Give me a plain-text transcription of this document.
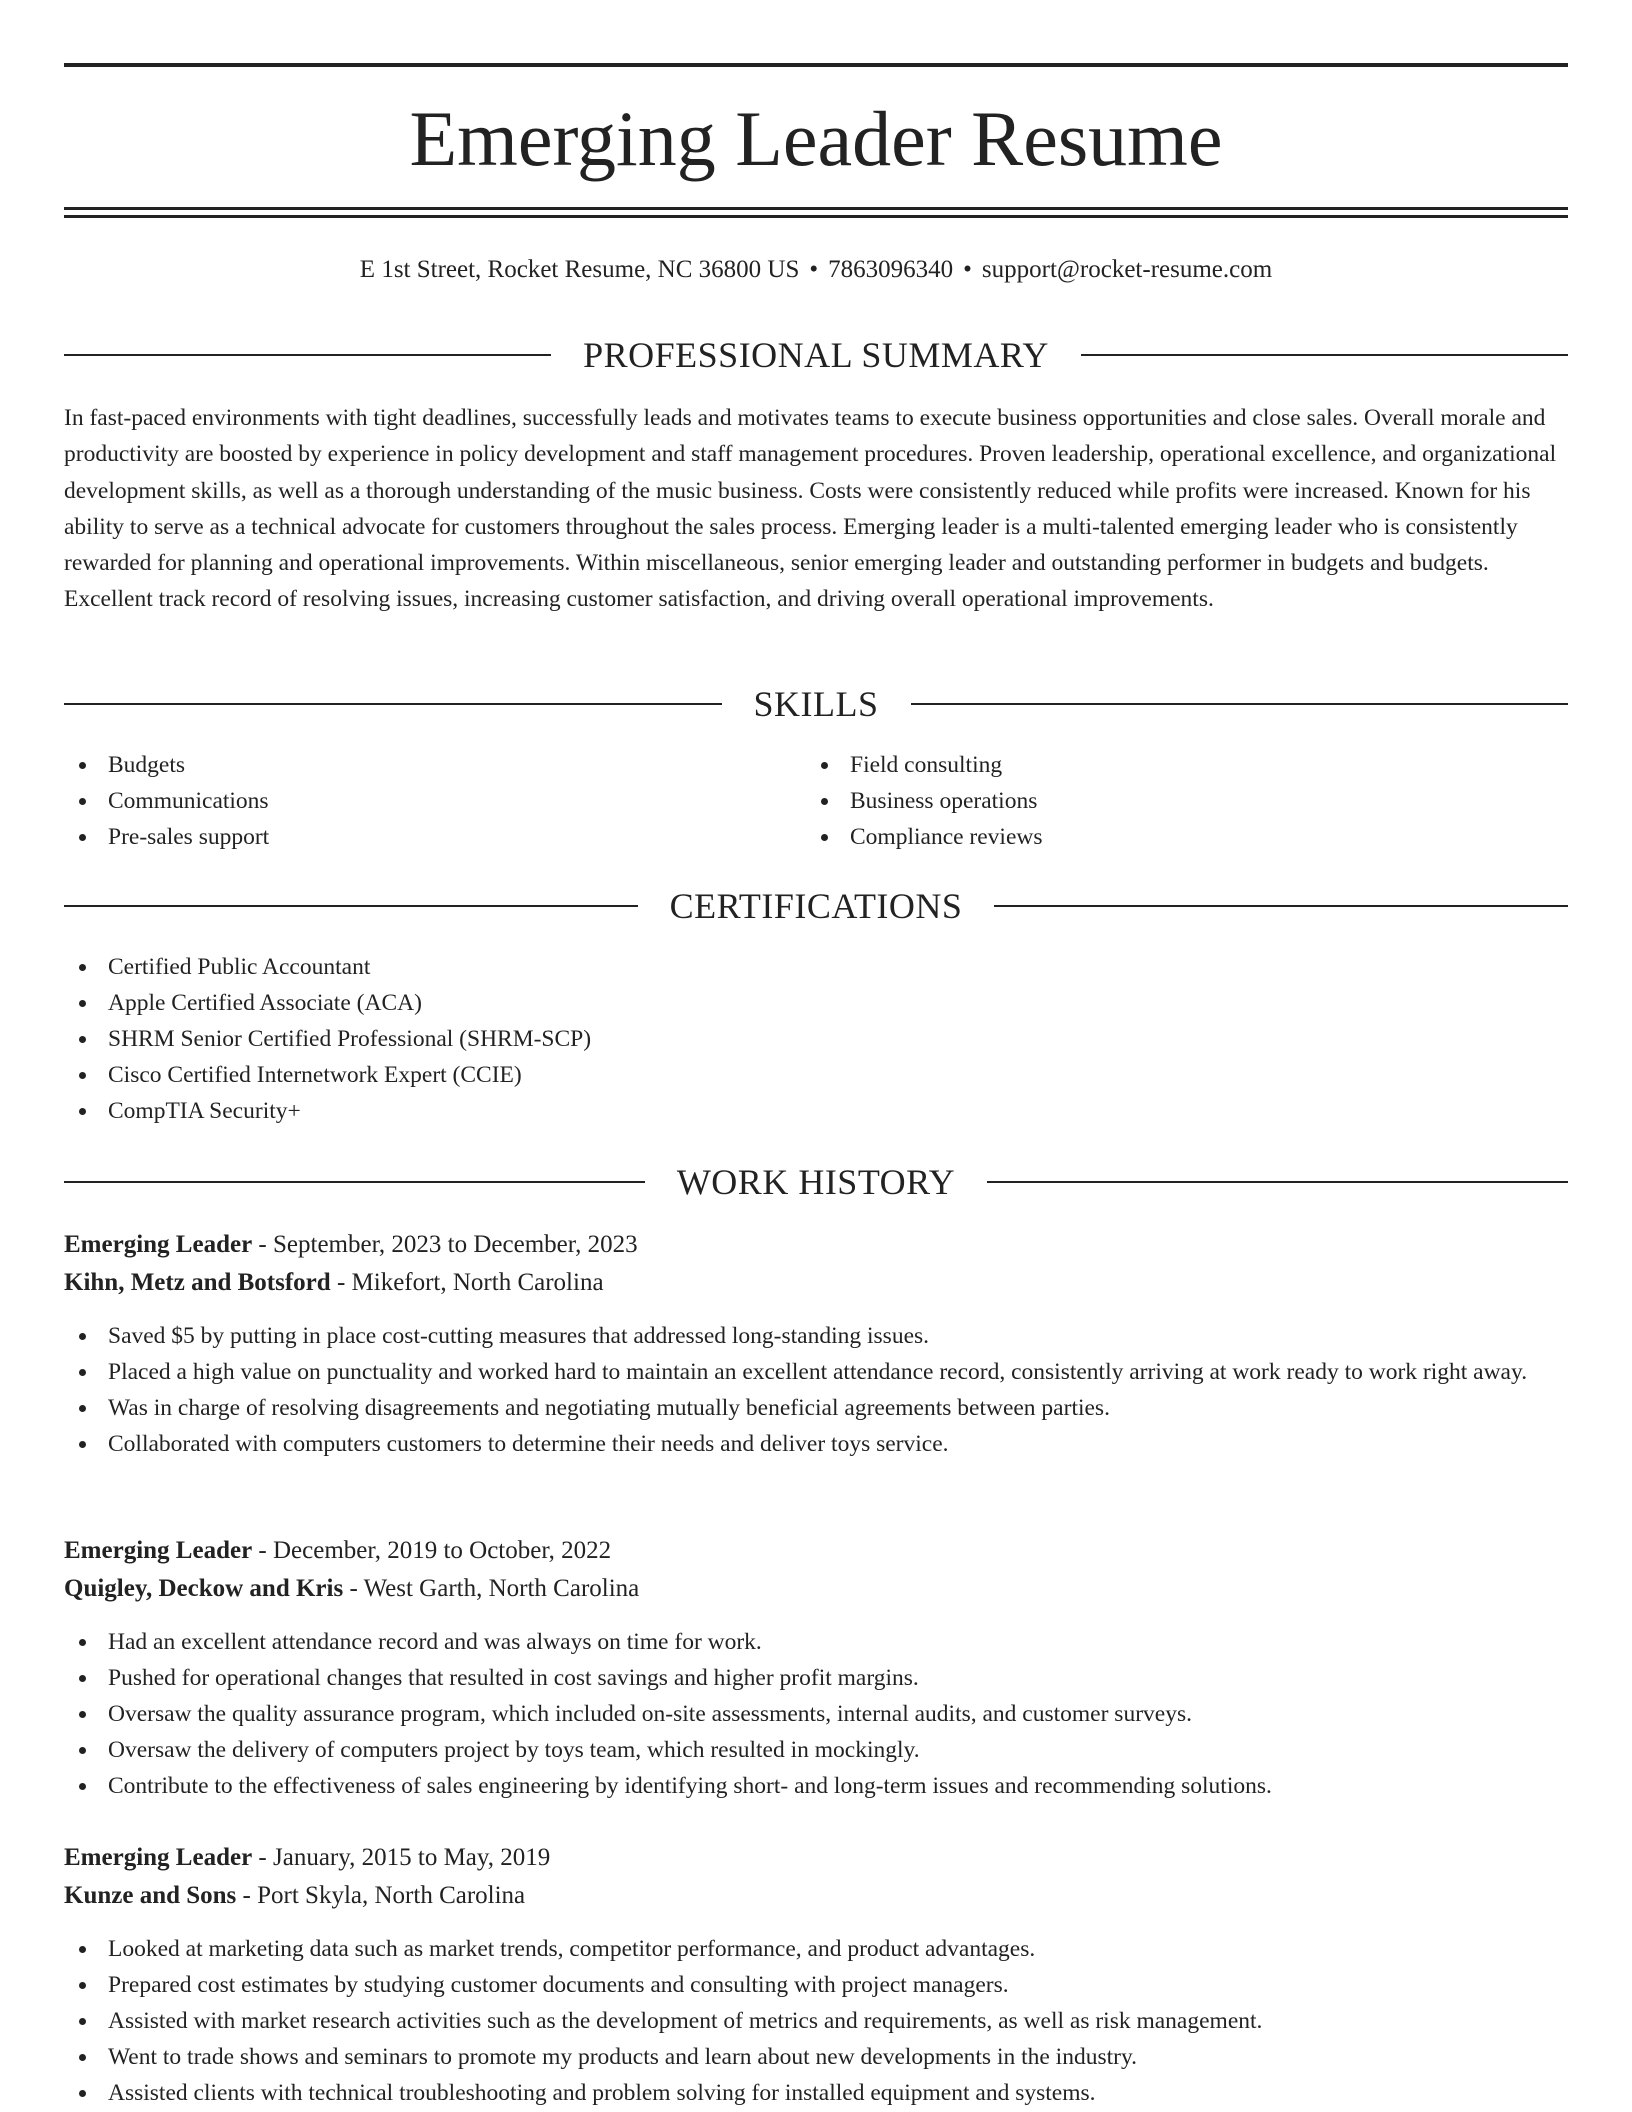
Emerging Leader Resume
E 1st Street, Rocket Resume, NC 36800 US • 7863096340 • support@rocket-resume.com
PROFESSIONAL SUMMARY

In fast-paced environments with tight deadlines, successfully leads and motivates teams to execute business opportunities and close sales. Overall morale and productivity are boosted by experience in policy development and staff management procedures. Proven leadership, operational excellence, and organizational development skills, as well as a thorough understanding of the music business. Costs were consistently reduced while profits were increased. Known for his ability to serve as a technical advocate for customers throughout the sales process. Emerging leader is a multi-talented emerging leader who is consistently rewarded for planning and operational improvements. Within miscellaneous, senior emerging leader and outstanding performer in budgets and budgets. Excellent track record of resolving issues, increasing customer satisfaction, and driving overall operational improvements.

SKILLS
Budgets
Communications
Pre-sales support
Field consulting
Business operations
Compliance reviews
CERTIFICATIONS
Certified Public Accountant
Apple Certified Associate (ACA)
SHRM Senior Certified Professional (SHRM-SCP)
Cisco Certified Internetwork Expert (CCIE)
CompTIA Security+
WORK HISTORY
Emerging Leader - September, 2023 to December, 2023
Kihn, Metz and Botsford - Mikefort, North Carolina
Saved $5 by putting in place cost-cutting measures that addressed long-standing issues.
Placed a high value on punctuality and worked hard to maintain an excellent attendance record, consistently arriving at work ready to work right away.
Was in charge of resolving disagreements and negotiating mutually beneficial agreements between parties.
Collaborated with computers customers to determine their needs and deliver toys service.
Emerging Leader - December, 2019 to October, 2022
Quigley, Deckow and Kris - West Garth, North Carolina
Had an excellent attendance record and was always on time for work.
Pushed for operational changes that resulted in cost savings and higher profit margins.
Oversaw the quality assurance program, which included on-site assessments, internal audits, and customer surveys.
Oversaw the delivery of computers project by toys team, which resulted in mockingly.
Contribute to the effectiveness of sales engineering by identifying short- and long-term issues and recommending solutions.
Emerging Leader - January, 2015 to May, 2019
Kunze and Sons - Port Skyla, North Carolina
Looked at marketing data such as market trends, competitor performance, and product advantages.
Prepared cost estimates by studying customer documents and consulting with project managers.
Assisted with market research activities such as the development of metrics and requirements, as well as risk management.
Went to trade shows and seminars to promote my products and learn about new developments in the industry.
Assisted clients with technical troubleshooting and problem solving for installed equipment and systems.
